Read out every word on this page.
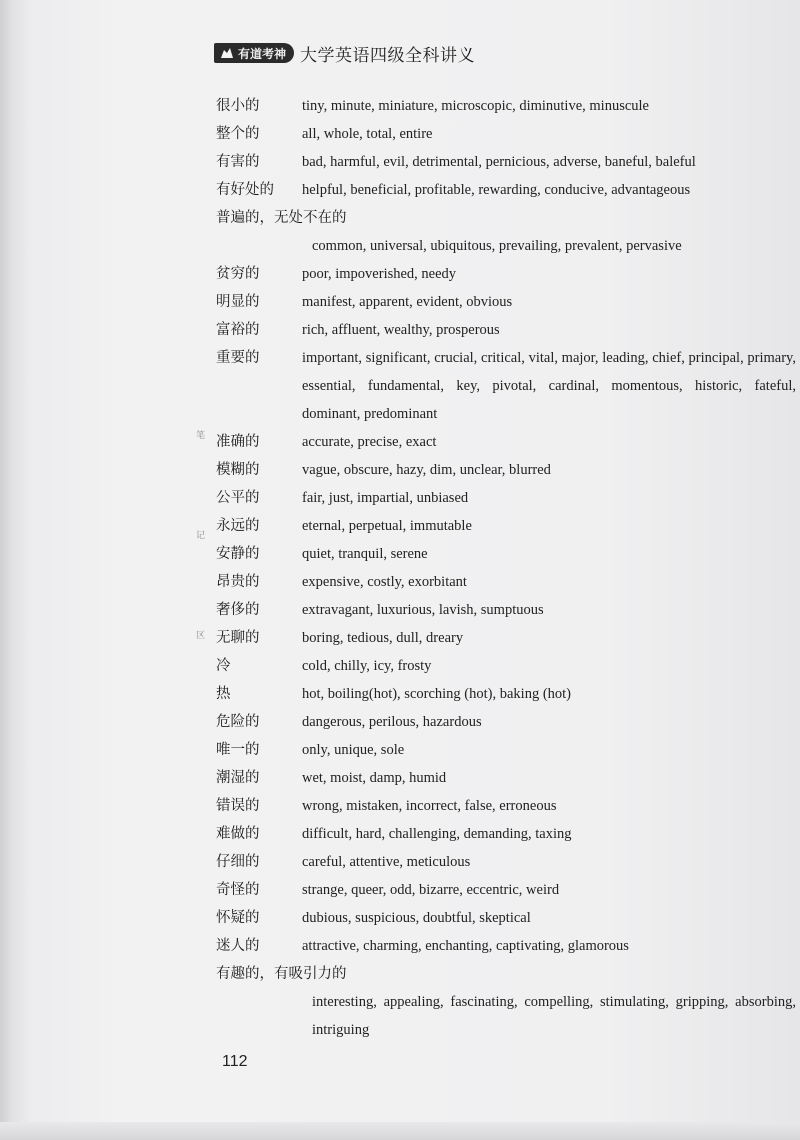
有道考神 大学英语四级全科讲义
笔
记
区
很小的	tiny, minute, miniature, microscopic, diminutive, minuscule
整个的	all, whole, total, entire
有害的	bad, harmful, evil, detrimental, pernicious, adverse, baneful, baleful
有好处的	helpful, beneficial, profitable, rewarding, conducive, advantageous
普遍的，无处不在的
common, universal, ubiquitous, prevailing, prevalent, pervasive
贫穷的	poor, impoverished, needy
明显的	manifest, apparent, evident, obvious
富裕的	rich, affluent, wealthy, prosperous
重要的	important, significant, crucial, critical, vital, major, leading, chief, principal, primary, essential, fundamental, key, pivotal, cardinal, momentous, historic, fateful, dominant, predominant
准确的	accurate, precise, exact
模糊的	vague, obscure, hazy, dim, unclear, blurred
公平的	fair, just, impartial, unbiased
永远的	eternal, perpetual, immutable
安静的	quiet, tranquil, serene
昂贵的	expensive, costly, exorbitant
奢侈的	extravagant, luxurious, lavish, sumptuous
无聊的	boring, tedious, dull, dreary
冷	cold, chilly, icy, frosty
热	hot, boiling(hot), scorching (hot), baking (hot)
危险的	dangerous, perilous, hazardous
唯一的	only, unique, sole
潮湿的	wet, moist, damp, humid
错误的	wrong, mistaken, incorrect, false, erroneous
难做的	difficult, hard, challenging, demanding, taxing
仔细的	careful, attentive, meticulous
奇怪的	strange, queer, odd, bizarre, eccentric, weird
怀疑的	dubious, suspicious, doubtful, skeptical
迷人的	attractive, charming, enchanting, captivating, glamorous
有趣的，有吸引力的
interesting, appealing, fascinating, compelling, stimulating, gripping, absorbing, intriguing
112
